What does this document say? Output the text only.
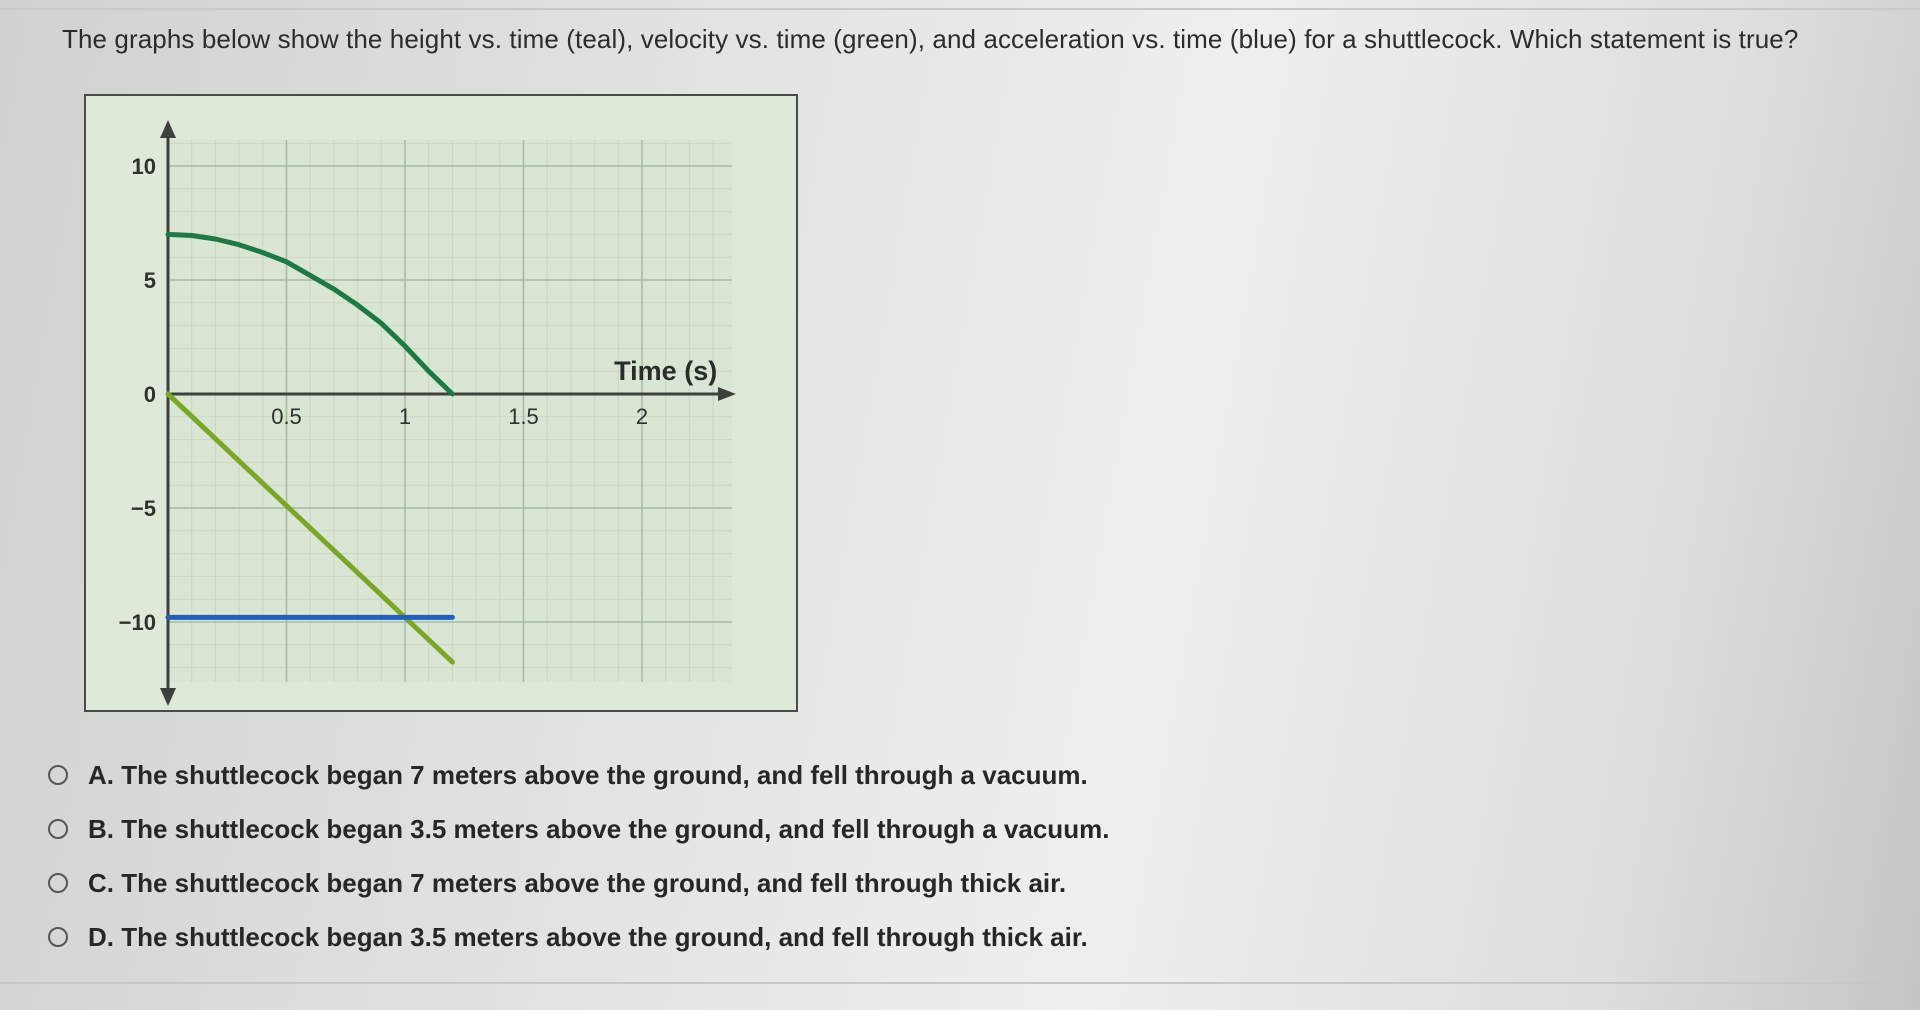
The graphs below show the height vs. time (teal), velocity vs. time (green), and acceleration vs. time (blue) for a shuttlecock. Which statement is true?
0.5	1	1.5	2
10
5
0
−5
−10
Time (s)
A. The shuttlecock began 7 meters above the ground, and fell through a vacuum.
B. The shuttlecock began 3.5 meters above the ground, and fell through a vacuum.
C. The shuttlecock began 7 meters above the ground, and fell through thick air.
D. The shuttlecock began 3.5 meters above the ground, and fell through thick air.
